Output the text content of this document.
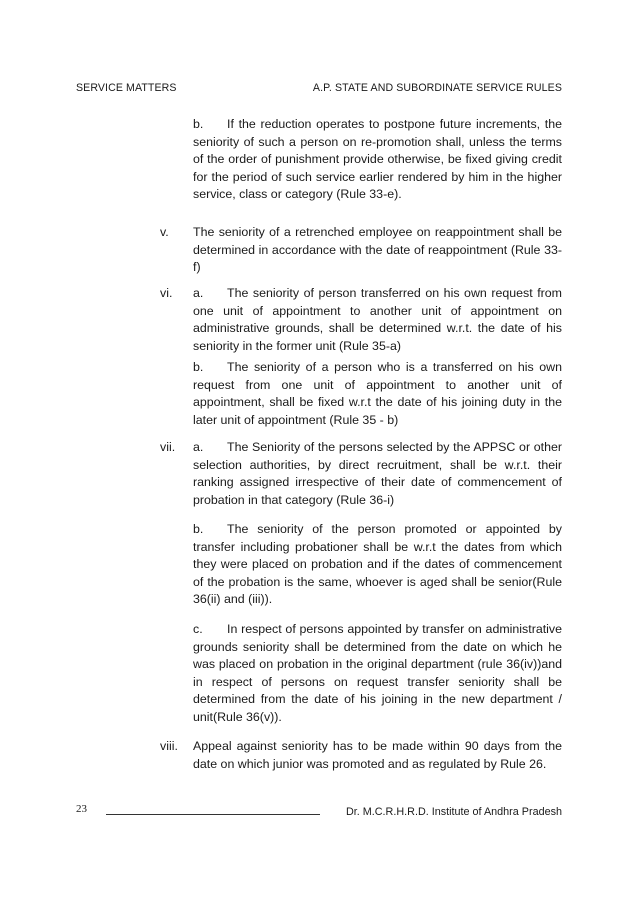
SERVICE MATTERS	A.P. STATE AND SUBORDINATE SERVICE RULES
b. If the reduction operates to postpone future increments, the seniority of such a person on re-promotion shall, unless the terms of the order of punishment provide otherwise, be fixed giving credit for the period of such service earlier rendered by him in the higher service, class or category (Rule 33-e).
v.	The seniority of a retrenched employee on reappointment shall be determined in accordance with the date of reappointment (Rule 33-f)
vi.	a. The seniority of person transferred on his own request from one unit of appointment to another unit of appointment on administrative grounds, shall be determined w.r.t. the date of his seniority in the former unit (Rule 35-a)
b. The seniority of a person who is a transferred on his own request from one unit of appointment to another unit of appointment, shall be fixed w.r.t the date of his joining duty in the later unit of appointment (Rule 35 - b)
vii.	a. The Seniority of the persons selected by the APPSC or other selection authorities, by direct recruitment, shall be w.r.t. their ranking assigned irrespective of their date of commencement of probation in that category (Rule 36-i)
b. The seniority of the person promoted or appointed by transfer including probationer shall be w.r.t the dates from which they were placed on probation and if the dates of commencement of the probation is the same, whoever is aged shall be senior(Rule 36(ii) and (iii)).
c. In respect of persons appointed by transfer on administrative grounds seniority shall be determined from the date on which he was placed on probation in the original department (rule 36(iv))and in respect of persons on request transfer seniority shall be determined from the date of his joining in the new department / unit(Rule 36(v)).
viii.	Appeal against seniority has to be made within 90 days from the date on which junior was promoted and as regulated by Rule 26.
23	Dr. M.C.R.H.R.D. Institute of Andhra Pradesh
